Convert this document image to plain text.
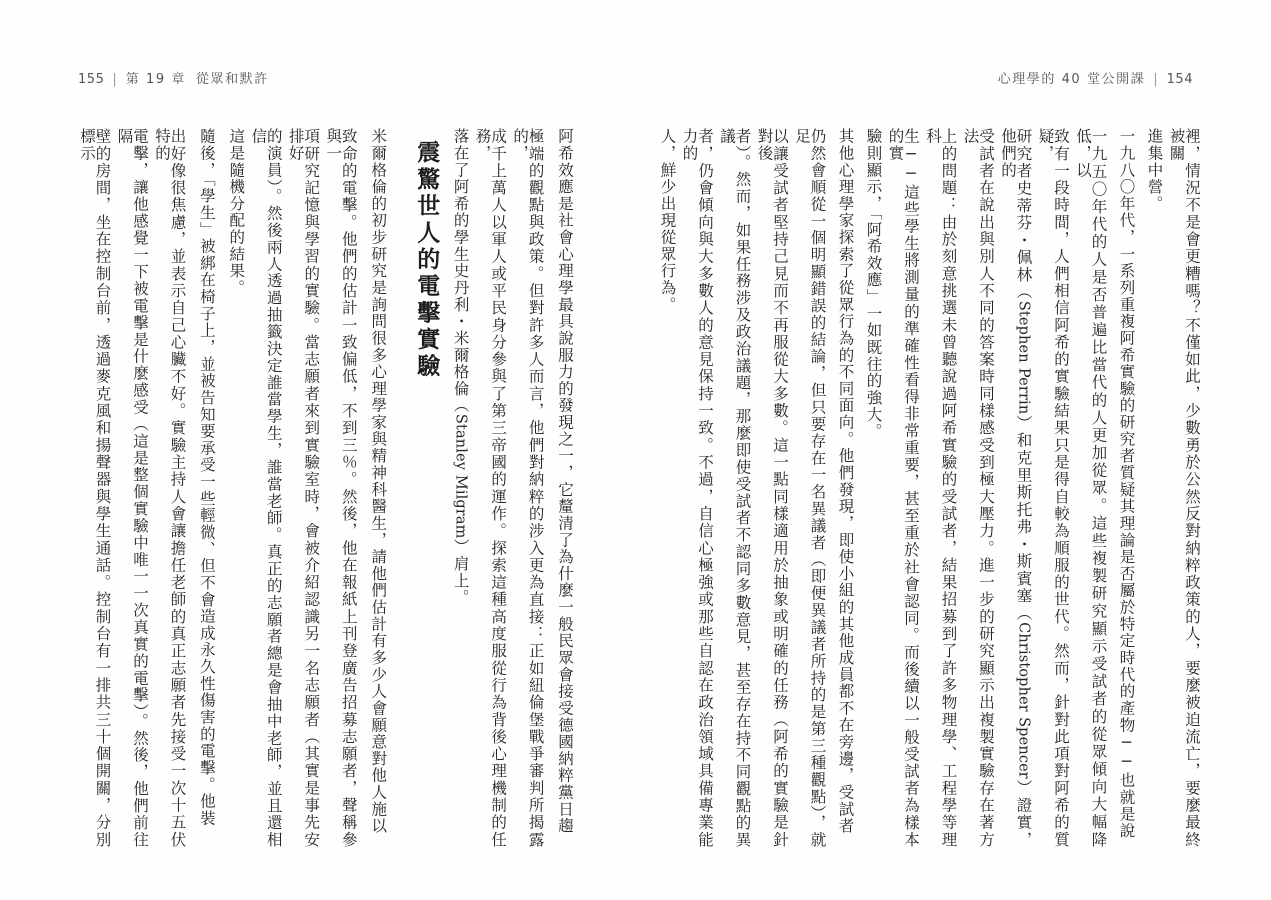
155 | 第 19 章 從眾和默許	心理學的 40 堂公開課 | 154
裡，情況不是會更糟嗎？不僅如此，少數勇於公然反對納粹政策的人，要麼被迫流亡，要麼最終被關
進集中營。
一九八〇年代，一系列重複阿希實驗的研究者質疑其理論是否屬於特定時代的產物──也就是說
一九五〇年代的人是否普遍比當代的人更加從眾。這些複製研究顯示受試者的從眾傾向大幅降低，以
致有一段時間，人們相信阿希的實驗結果只是得自較為順服的世代。然而，針對此項對阿希的質疑，
研究者史蒂芬・佩林（Stephen Perrin）和克里斯托弗・斯賓塞（Christopher Spencer）證實，他們的
受試者在說出與別人不同的答案時同樣感受到極大壓力。進一步的研究顯示出複製實驗存在著方法
上的問題：由於刻意挑選未曾聽說過阿希實驗的受試者，結果招募到了許多物理學、工程學等理科
生──這些學生將測量的準確性看得非常重要，甚至重於社會認同。而後續以一般受試者為樣本的實
驗則顯示，「阿希效應」一如既往的強大。
其他心理學家探索了從眾行為的不同面向。他們發現，即使小組的其他成員都不在旁邊，受試者
仍然會順從一個明顯錯誤的結論，但只要存在一名異議者（即便異議者所持的是第三種觀點），就足
以讓受試者堅持己見而不再服從大多數。這一點同樣適用於抽象或明確的任務（阿希的實驗是針對後
者）。然而，如果任務涉及政治議題，那麼即使受試者不認同多數意見，甚至存在持不同觀點的異議
者，仍會傾向與大多數人的意見保持一致。不過，自信心極強或那些自認在政治領域具備專業能力的
人，鮮少出現從眾行為。
阿希效應是社會心理學最具說服力的發現之一，它釐清了為什麼一般民眾會接受德國納粹黨日趨
極端的觀點與政策。但對許多人而言，他們對納粹的涉入更為直接：正如紐倫堡戰爭審判所揭露的，
成千上萬人以軍人或平民身分參與了第三帝國的運作。探索這種高度服從行為背後心理機制的任務，
落在了阿希的學生史丹利・米爾格倫（Stanley Milgram）肩上。
震驚世人的電擊實驗
米爾格倫的初步研究是詢問很多心理學家與精神科醫生，請他們估計有多少人會願意對他人施以
致命的電擊。他們的估計一致偏低，不到三％。然後，他在報紙上刊登廣告招募志願者，聲稱參與一
項研究記憶與學習的實驗。當志願者來到實驗室時，會被介紹認識另一名志願者（其實是事先安排好
的演員）。然後兩人透過抽籤決定誰當學生，誰當老師。真正的志願者總是會抽中老師，並且還相信
這是隨機分配的結果。
隨後，「學生」被綁在椅子上，並被告知要承受一些輕微、但不會造成永久性傷害的電擊。他裝
出好像很焦慮，並表示自己心臟不好。實驗主持人會讓擔任老師的真正志願者先接受一次十五伏特的
電擊，讓他感覺一下被電擊是什麼感受（這是整個實驗中唯一一次真實的電擊）。然後，他們前往隔
壁的房間，坐在控制台前，透過麥克風和揚聲器與學生通話。控制台有一排共三十個開關，分別標示
